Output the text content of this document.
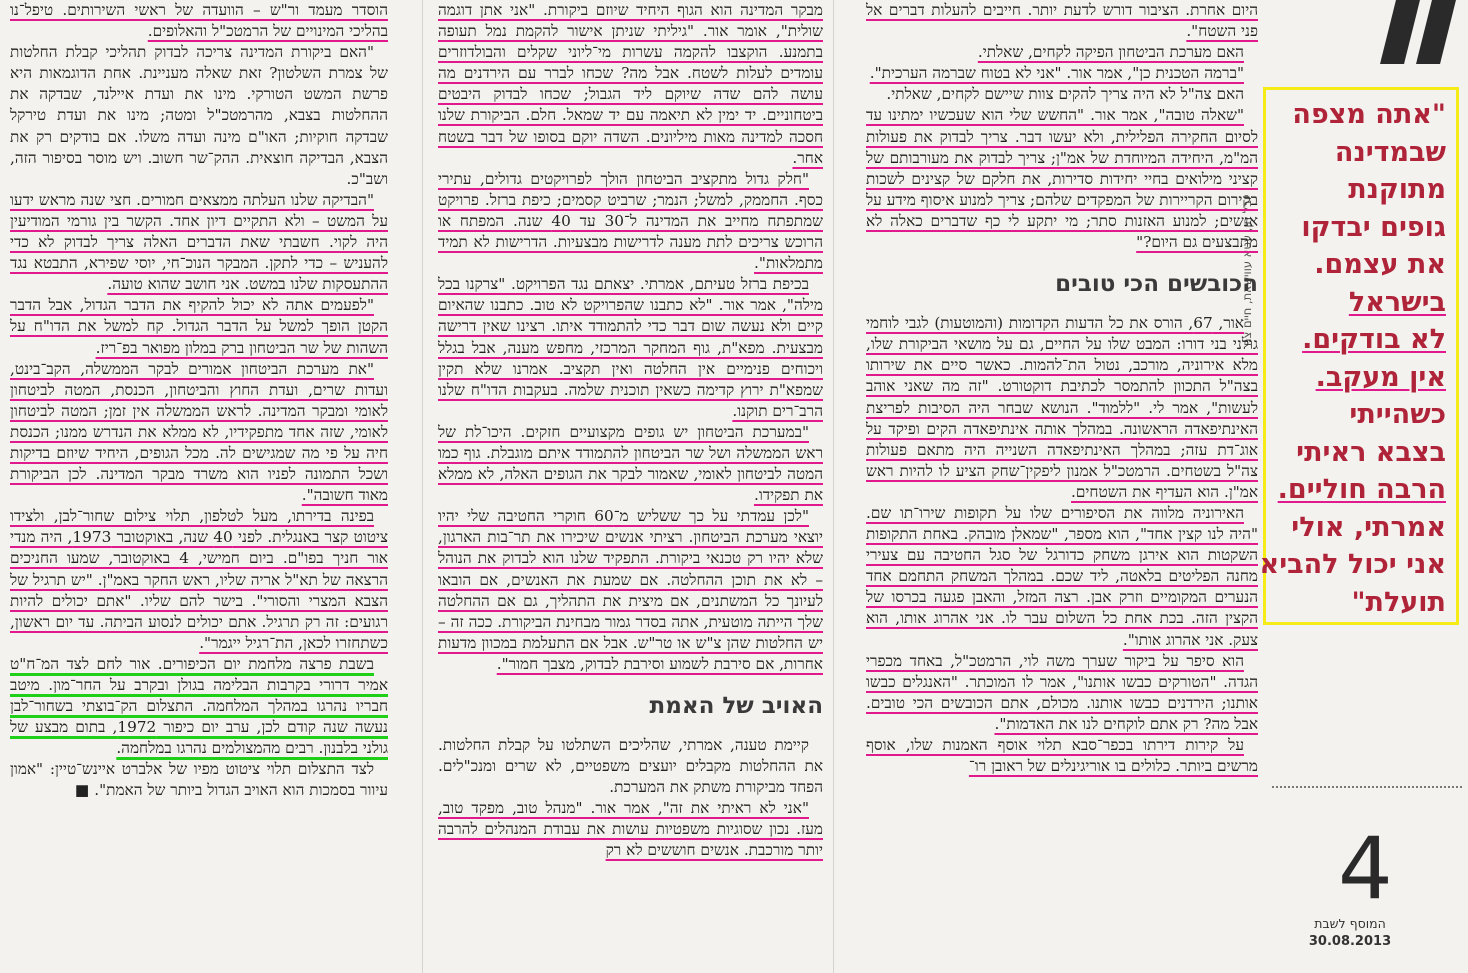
יובל חן, עטא עווישאת, חיים צח
"אתה מצפה
שבמדינה
מתוקנת
גופים יבדקו
את עצמם.
בישראל
לא בודקים.
אין מעקב.
כשהייתי
בצבא ראיתי
הרבה חוליים.
אמרתי, אולי
אני יכול להביא
תועלת"
4
המוסף לשבת
30.08.2013

היום אחרת. הציבור דורש לדעת יותר. חייבים להעלות דברים אל פני השטח".

האם מערכת הביטחון הפיקה לקחים, שאלתי.

"ברמה הטכנית כן", אמר אור. "אני לא בטוח שברמה הערכית".

האם צה"ל לא היה צריך להקים צוות שיישם לקחים, שאלתי.

"שאלה טובה", אמר אור. "החשש שלי הוא שעכשיו ימתינו עד לסיום החקירה הפלילית, ולא יעשו דבר. צריך לבדוק את פעולות המ"מ, היחידה המיוחדת של אמ"ן; צריך לבדוק את מעורבותם של קציני מילואים בחיי יחידות סדירות, את חלקם של קצינים לשכות בקירום הקריירות של המפקדים שלהם; צריך למנוע איסוף מידע על אנשים; למנוע האזנות סתר; מי יתקע לי כף שדברים כאלה לא מתבצעים גם היום?"

הכובשים הכי טובים

אור, 67, הורס את כל הדעות הקדומות (והמוטעות) לגבי לוחמי גולני בני דורו: המבט שלו על החיים, גם על מושאי הביקורת שלו, מלא אירוניה, מורכב, נטול הת־להמות. כאשר סיים את שירותו בצה"ל התכוון להתמסר לכתיבת דוקטורט. "זה מה שאני אוהב לעשות", אמר לי. "ללמוד". הנושא שבחר היה הסיבות לפריצת האינתיפאדה הראשונה. במהלך אותה אינתיפאדה הקים ופיקד על אוג־דת עזה; במהלך האינתיפאדה השנייה היה מתאם פעולות צה"ל בשטחים. הרמטכ"ל אמנון ליפקין־שחק הציע לו להיות ראש אמ"ן. הוא העדיף את השטחים.

האירוניה מלווה את הסיפורים שלו על תקופות שירו־תו שם. "היה לנו קצין אחד", הוא מספר, "שמאלן מובהק. באחת התקופות השקטות הוא אירגן משחק כדורגל של סגל החטיבה עם צעירי מחנה הפליטים בלאטה, ליד שכם. במהלך המשחק התחמם אחד הנערים המקומיים וזרק אבן. רצה המזל, והאבן פגעה בכרסו של הקצין הזה. בכת אחת כל השלום עבר לו. אני אהרוג אותו, הוא צעק. אני אהרוג אותו".

הוא סיפר על ביקור שערך משה לוי, הרמטכ"ל, באחד מכפרי הגדה. "הטורקים כבשו אותנו", אמר לו המוכתר. "האנגלים כבשו אותנו; הירדנים כבשו אותנו. מכולם, אתם הכובשים הכי טובים. אבל מה? רק אתם לוקחים לנו את האדמות".

על קירות דירתו בכפר־סבא תלוי אוסף האמנות שלו, אוסף מרשים ביותר. כלולים בו אוריגינלים של ראובן רו־

מבקר המדינה הוא הגוף היחיד שיוזם ביקורת. "אני אתן דוגמה שולית", אומר אור. "גיליתי שניתן אישור להקמת נמל תעופה בתמנע. הוקצבו להקמה עשרות מי־ליוני שקלים והבולדוזרים עומדים לעלות לשטח. אבל מה? שכחו לברר עם הירדנים מה עושה להם שדה שיוקם ליד הגבול; שכחו לבדוק היבטים ביטחוניים. יד ימין לא תיאמה עם יד שמאל. חלם. הביקורת שלנו חסכה למדינה מאות מיליונים. השדה יוקם בסופו של דבר בשטח אחר.

"חלק גדול מתקציב הביטחון הולך לפרויקטים גדולים, עתירי כסף. החממק, למשל; הנמר; שרביט קסמים; כיפת ברזל. פרויקט שמתפתח מחייב את המדינה ל־30 עד 40 שנה. המפתח או הרוכש צריכים לתת מענה לדרישות מבצעיות. הדרישות לא תמיד מתמלאות".

בכיפת ברזל טעיתם, אמרתי. יצאתם נגד הפרויקט. "צרקנו בכל מילה", אמר אור. "לא כתבנו שהפרויקט לא טוב. כתבנו שהאיום קיים ולא נעשה שום דבר כדי להתמודד איתו. רצינו שאין דרישה מבצעית. מפא"ת, גוף המחקר המרכזי, מחפש מענה, אבל בגלל ויכוחים פנימיים אין החלטה ואין תקציב. אמרנו שלא תקין שמפא"ת ירוץ קדימה כשאין תוכנית שלמה. בעקבות הדו"ח שלנו הרב־רים תוקנו.

"במערכת הביטחון יש גופים מקצועיים חזקים. היכו־לת של ראש הממשלה ושל שר הביטחון להתמודד איתם מוגבלת. גוף כמו המטה לביטחון לאומי, שאמור לבקר את הגופים האלה, לא ממלא את תפקידו.

"לכן עמדתי על כך ששליש מ־60 חוקרי החטיבה שלי יהיו יוצאי מערכת הביטחון. רציתי אנשים שיכירו את תר־בות הארגון, שלא יהיו רק טכנאי ביקורת. התפקיד שלנו הוא לבדוק את הנוהל – לא את תוכן ההחלטה. אם שמעת את האנשים, אם הובאו לעיונך כל המשתנים, אם מיצית את התהליך, גם אם ההחלטה שלך הייתה מוטעית, אתה בסדר גמור מבחינת הביקורת. ככה זה – יש החלטות שהן צ"ש או טר"ש. אבל אם התעלמת במכוון מדעות אחרות, אם סירבת לשמוע וסירבת לבדוק, מצבך חמור".

האויב של האמת

קיימת טענה, אמרתי, שהליכים השתלטו על קבלת החלטות. את ההחלטות מקבלים יועצים משפטיים, לא שרים ומנכ"לים. הפחד מביקורת משתק את המערכת.

"אני לא ראיתי את זה", אמר אור. "מנהל טוב, מפקד טוב, מעז. נכון שסוגיות משפטיות עושות את עבודת המנהלים להרבה יותר מורכבת. אנשים חוששים לא רק

הוסדר מעמד ור"ש – הוועדה של ראשי השירותים. טיפל־נו בהליכי המינויים של הרמטכ"ל והאלופים.

"האם ביקורת המדינה צריכה לבדוק תהליכי קבלת החלטות של צמרת השלטון? זאת שאלה מעניינת. אחת הדוגמאות היא פרשת המשט הטורקי. מינו את ועדת איילנד, שבדקה את ההחלטות בצבא, מהרמטכ"ל ומטה; מינו את ועדת טירקל שבדקה חוקיות; האו"ם מינה ועדה משלו. אם בודקים רק את הצבא, הבדיקה חוצאית. ההק־שר חשוב. ויש מוסר בסיפור הזה, ושב"כ.

"הבדיקה שלנו העלתה ממצאים חמורים. חצי שנה מראש ידעו על המשט – ולא התקיים דיון אחד. הקשר בין גורמי המודיעין היה לקוי. חשבתי שאת הדברים האלה צריך לבדוק לא כדי להעניש – כדי לתקן. המבקר הנוכ־חי, יוסי שפירא, התבטא נגד ההתעסקות שלנו במשט. אני חושב שהוא טועה.

"לפעמים אתה לא יכול להקיף את הדבר הגדול, אבל הדבר הקטן הופך למשל על הדבר הגדול. קח למשל את הדו"ח על השהות של שר הביטחון ברק במלון מפואר בפ־ריז.

"את מערכת הביטחון אמורים לבקר הממשלה, הקב־בינט, ועדות שרים, ועדת החוץ והביטחון, הכנסת, המטה לביטחון לאומי ומבקר המדינה. לראש הממשלה אין זמן; המטה לביטחון לאומי, שזה אחד מתפקידיו, לא ממלא את הנדרש ממנו; הכנסת חיה על פי מה שמגישים לה. מכל הגופים, היחיד שיוזם בדיקות ושכל התמונה לפניו הוא משרד מבקר המדינה. לכן הביקורת מאוד חשובה".

בפינה בדירתו, מעל לטלפון, תלוי צילום שחור־לבן, ולצידו ציטוט קצר באנגלית. לפני 40 שנה, באוקטובר 1973, היה מנדי אור חניך בפו"ם. ביום חמישי, 4 באוקטובר, שמעו החניכים הרצאה של תא"ל אריה שליו, ראש החקר באמ"ן. "יש תרגיל של הצבא המצרי והסורי". בישר להם שליו. "אתם יכולים להיות רגועים: זה רק תרגיל. אתם יכולים לנסוע הביתה. עד יום ראשון, כשתחזרו לכאן, הת־רגיל ייגמר".

בשבת פרצה מלחמת יום הכיפורים. אור לחם לצד המ־ח"ט אמיר דרורי בקרבות הבלימה בגולן ובקרב על החר־מון. מיטב חבריו נהרגו במהלך המלחמה. התצלום הק־בוצתי בשחור־לבן נעשה שנה קודם לכן, ערב יום כיפור 1972, בתום מבצע של גולני בלבנון. רבים מהמצולמים נהרגו במלחמה.

לצד התצלום תלוי ציטוט מפיו של אלברט איינש־טיין: "אמון עיוור בסמכות הוא האויב הגדול ביותר של האמת". ■
